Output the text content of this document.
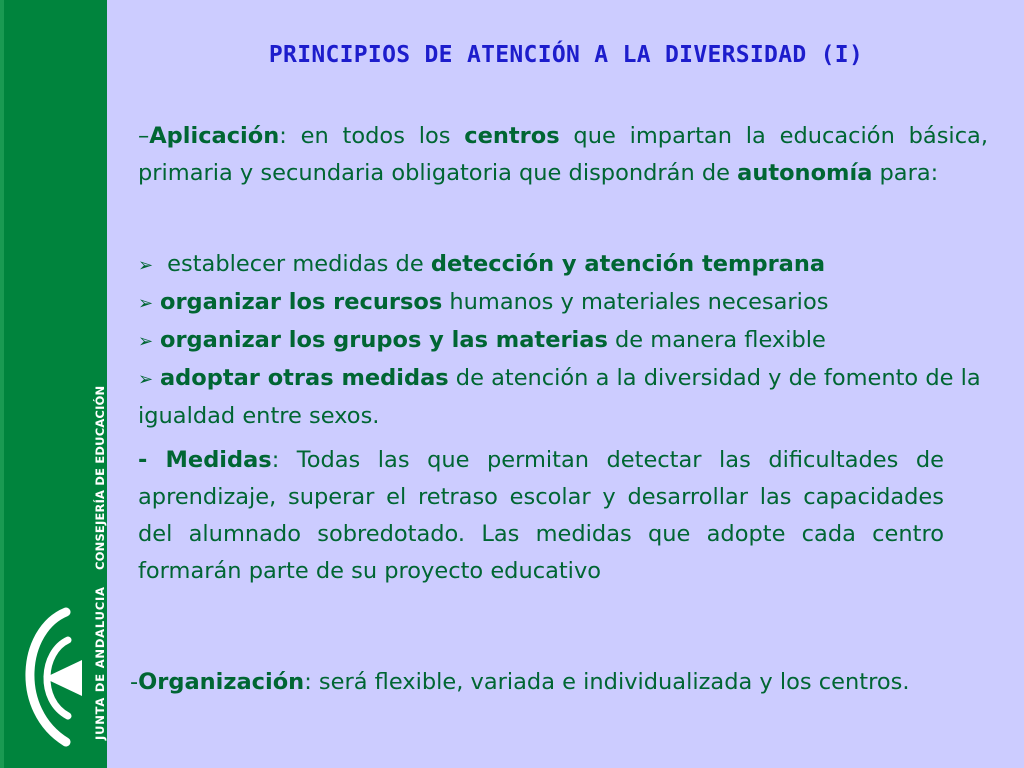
CONSEJERÍA DE EDUCACIÓN
JUNTA DE ANDALUCIA
PRINCIPIOS DE ATENCIÓN A LA DIVERSIDAD (I)

–Aplicación: en todos los centros que impartan la educación básica, primaria y secundaria obligatoria que dispondrán de autonomía para:

➢ establecer medidas de detección y atención temprana
➢ organizar los recursos humanos y materiales necesarios
➢ organizar los grupos y las materias de manera flexible
➢ adoptar otras medidas de atención a la diversidad y de fomento de la igualdad entre sexos.

- Medidas: Todas las que permitan detectar las dificultades de aprendizaje, superar el retraso escolar y desarrollar las capacidades del alumnado sobredotado. Las medidas que adopte cada centro formarán parte de su proyecto educativo

-Organización: será flexible, variada e individualizada y los centros.
